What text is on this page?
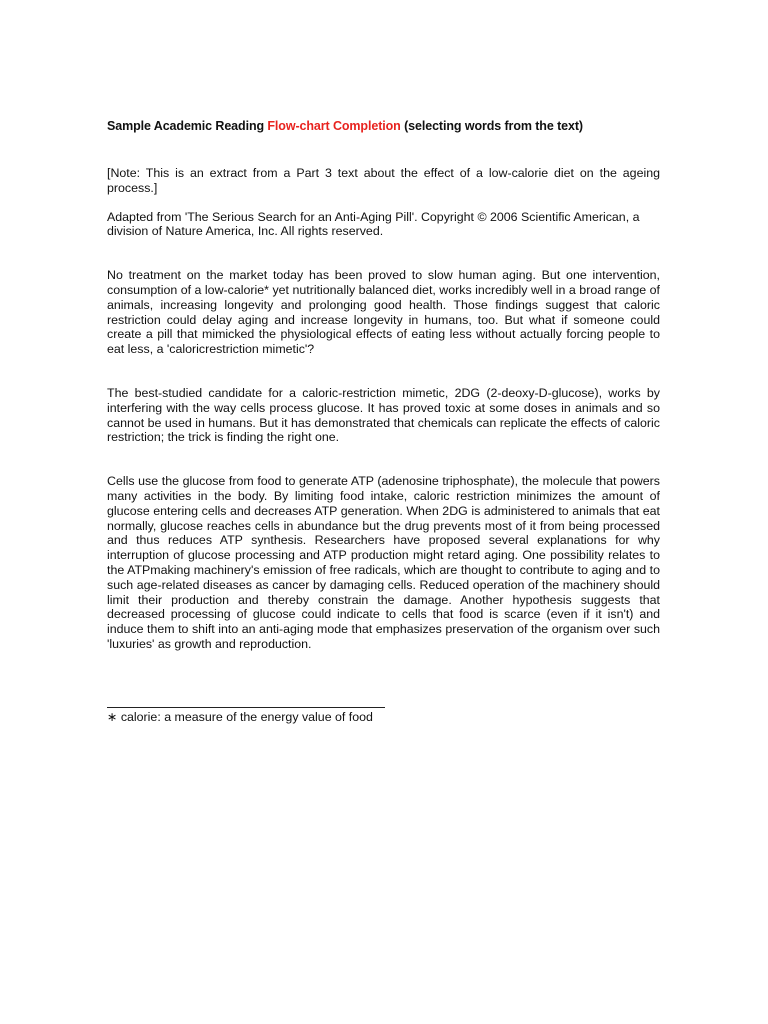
Sample Academic Reading Flow-chart Completion (selecting words from the text)

[Note: This is an extract from a Part 3 text about the effect of a low-calorie diet on the ageing process.]

Adapted from 'The Serious Search for an Anti-Aging Pill'. Copyright © 2006 Scientific American, a
division of Nature America, Inc. All rights reserved.

No treatment on the market today has been proved to slow human aging. But one intervention, consumption of a low-calorie* yet nutritionally balanced diet, works incredibly well in a broad range of animals, increasing longevity and prolonging good health. Those findings suggest that caloric restriction could delay aging and increase longevity in humans, too. But what if someone could create a pill that mimicked the physiological effects of eating less without actually forcing people to eat less, a 'caloricrestriction mimetic'?

The best-studied candidate for a caloric-restriction mimetic, 2DG (2-deoxy-D-glucose), works by interfering with the way cells process glucose. It has proved toxic at some doses in animals and so cannot be used in humans. But it has demonstrated that chemicals can replicate the effects of caloric restriction; the trick is finding the right one.

Cells use the glucose from food to generate ATP (adenosine triphosphate), the molecule that powers many activities in the body. By limiting food intake, caloric restriction minimizes the amount of glucose entering cells and decreases ATP generation. When 2DG is administered to animals that eat normally, glucose reaches cells in abundance but the drug prevents most of it from being processed and thus reduces ATP synthesis. Researchers have proposed several explanations for why interruption of glucose processing and ATP production might retard aging. One possibility relates to the ATPmaking machinery's emission of free radicals, which are thought to contribute to aging and to such age-related diseases as cancer by damaging cells. Reduced operation of the machinery should limit their production and thereby constrain the damage. Another hypothesis suggests that decreased processing of glucose could indicate to cells that food is scarce (even if it isn't) and induce them to shift into an anti-aging mode that emphasizes preservation of the organism over such 'luxuries' as growth and reproduction.

∗ calorie: a measure of the energy value of food
